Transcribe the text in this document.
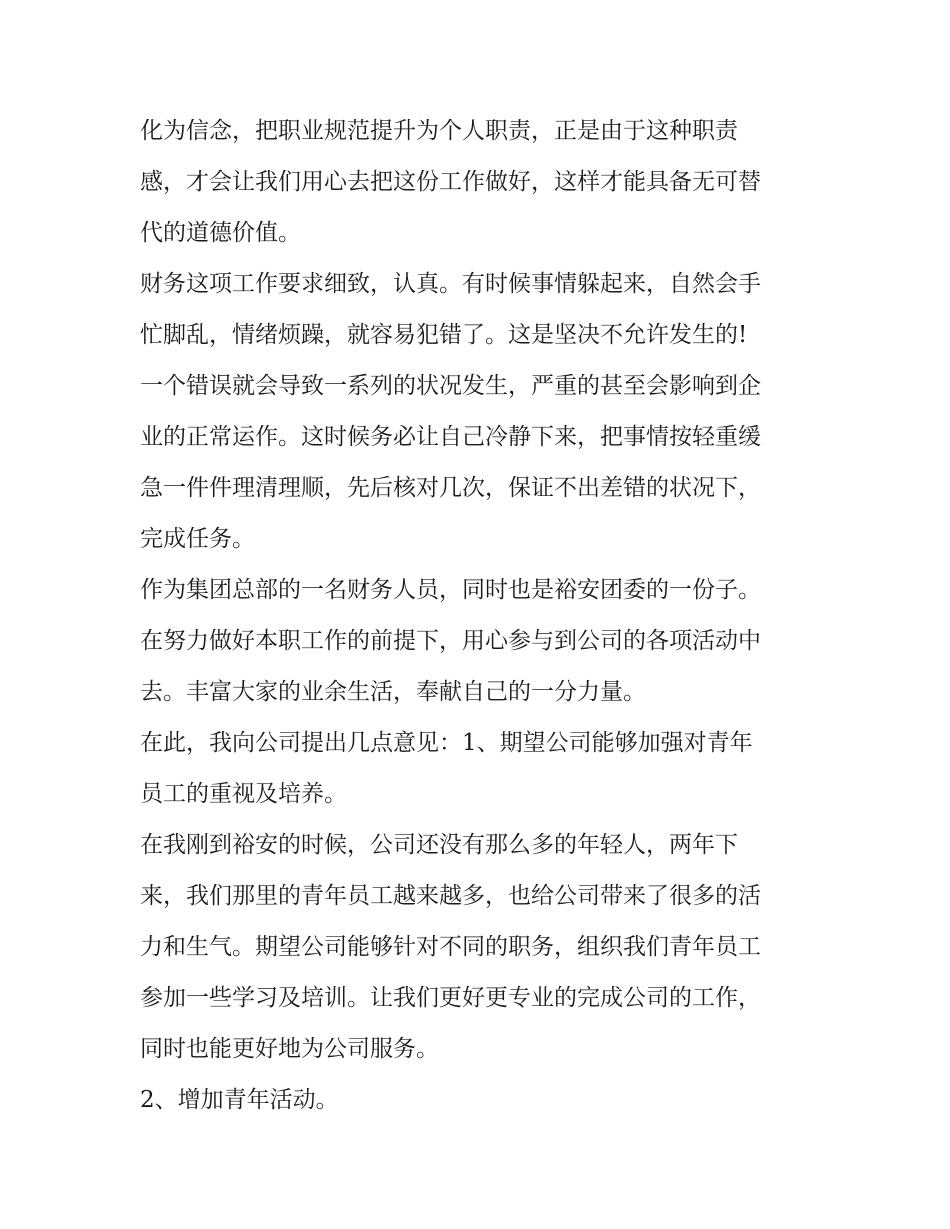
化为信念，把职业规范提升为个人职责，正是由于这种职责
感，才会让我们用心去把这份工作做好，这样才能具备无可替
代的道德价值。
财务这项工作要求细致，认真。有时候事情躲起来，自然会手
忙脚乱，情绪烦躁，就容易犯错了。这是坚决不允许发生的!
一个错误就会导致一系列的状况发生，严重的甚至会影响到企
业的正常运作。这时候务必让自己冷静下来，把事情按轻重缓
急一件件理清理顺，先后核对几次，保证不出差错的状况下，
完成任务。
作为集团总部的一名财务人员，同时也是裕安团委的一份子。
在努力做好本职工作的前提下，用心参与到公司的各项活动中
去。丰富大家的业余生活，奉献自己的一分力量。
在此，我向公司提出几点意见：1、期望公司能够加强对青年
员工的重视及培养。
在我刚到裕安的时候，公司还没有那么多的年轻人，两年下
来，我们那里的青年员工越来越多，也给公司带来了很多的活
力和生气。期望公司能够针对不同的职务，组织我们青年员工
参加一些学习及培训。让我们更好更专业的完成公司的工作，
同时也能更好地为公司服务。
2、增加青年活动。
